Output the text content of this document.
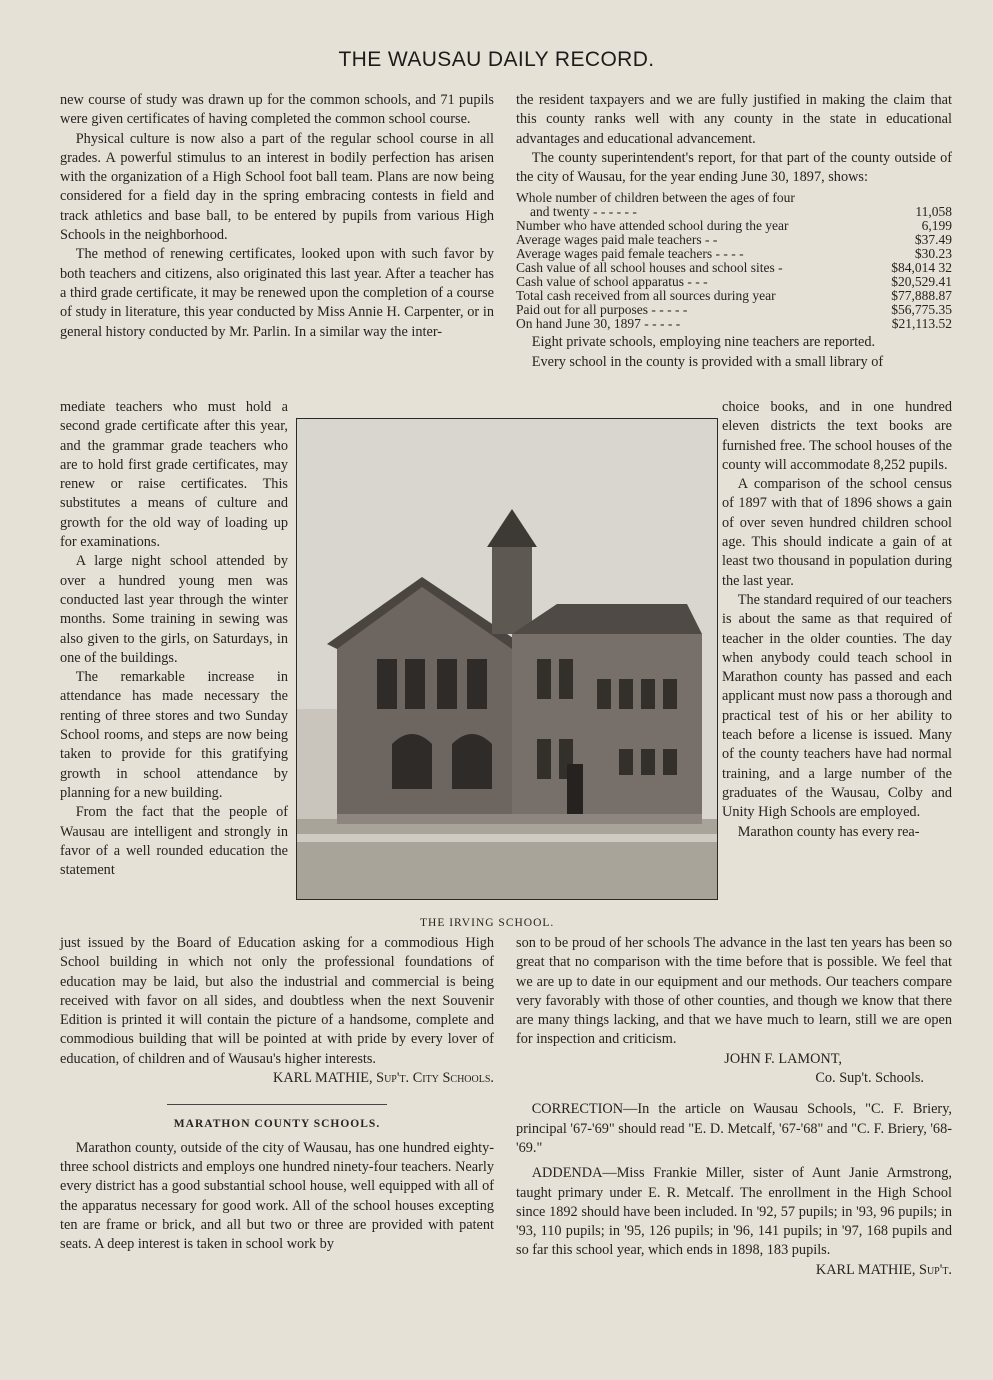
THE WAUSAU DAILY RECORD.

new course of study was drawn up for the common schools, and 71 pupils were given certificates of having completed the common school course.

Physical culture is now also a part of the regular school course in all grades. A powerful stimulus to an interest in bodily perfection has arisen with the organization of a High School foot ball team. Plans are now being considered for a field day in the spring embracing contests in field and track athletics and base ball, to be entered by pupils from various High Schools in the neighborhood.

The method of renewing certificates, looked upon with such favor by both teachers and citizens, also originated this last year. After a teacher has a third grade certificate, it may be renewed upon the completion of a course of study in literature, this year conducted by Miss Annie H. Carpenter, or in general history conducted by Mr. Parlin. In a similar way the inter-

mediate teachers who must hold a second grade certificate after this year, and the grammar grade teachers who are to hold first grade certificates, may renew or raise certificates. This substitutes a means of culture and growth for the old way of loading up for examinations.

A large night school attended by over a hundred young men was conducted last year through the winter months. Some training in sewing was also given to the girls, on Saturdays, in one of the buildings.

The remarkable increase in attendance has made necessary the renting of three stores and two Sunday School rooms, and steps are now being taken to provide for this gratifying growth in school attendance by planning for a new building.

From the fact that the people of Wausau are intelligent and strongly in favor of a well rounded education the statement

just issued by the Board of Education asking for a commodious High School building in which not only the professional foundations of education may be laid, but also the industrial and commercial is being received with favor on all sides, and doubtless when the next Souvenir Edition is printed it will contain the picture of a handsome, complete and commodious building that will be pointed at with pride by every lover of education, of children and of Wausau's higher interests.

KARL MATHIE, Sup't. City Schools.
MARATHON COUNTY SCHOOLS.

Marathon county, outside of the city of Wausau, has one hundred eighty-three school districts and employs one hundred ninety-four teachers. Nearly every district has a good substantial school house, well equipped with all of the apparatus necessary for good work. All of the school houses excepting ten are frame or brick, and all but two or three are provided with patent seats. A deep interest is taken in school work by

the resident taxpayers and we are fully justified in making the claim that this county ranks well with any county in the state in educational advantages and educational advancement.

The county superintendent's report, for that part of the county outside of the city of Wausau, for the year ending June 30, 1897, shows:

Whole number of children between the ages of four
and twenty - - - - - -	11,058
Number who have attended school during the year	6,199
Average wages paid male teachers - -	$37.49
Average wages paid female teachers - - - -	$30.23
Cash value of all school houses and school sites -	$84,014 32
Cash value of school apparatus - - -	$20,529.41
Total cash received from all sources during year	$77,888.87
Paid out for all purposes - - - - -	$56,775.35
On hand June 30, 1897 - - - - -	$21,113.52

Eight private schools, employing nine teachers are reported.

Every school in the county is provided with a small library of

choice books, and in one hundred eleven districts the text books are furnished free. The school houses of the county will accommodate 8,252 pupils.

A comparison of the school census of 1897 with that of 1896 shows a gain of over seven hundred children school age. This should indicate a gain of at least two thousand in population during the last year.

The standard required of our teachers is about the same as that required of teacher in the older counties. The day when anybody could teach school in Marathon county has passed and each applicant must now pass a thorough and practical test of his or her ability to teach before a license is issued. Many of the county teachers have had normal training, and a large number of the graduates of the Wausau, Colby and Unity High Schools are employed.

Marathon county has every rea-

son to be proud of her schools The advance in the last ten years has been so great that no comparison with the time before that is possible. We feel that we are up to date in our equipment and our methods. Our teachers compare very favorably with those of other counties, and though we know that there are many things lacking, and that we have much to learn, still we are open for inspection and criticism.

JOHN F. LAMONT,
Co. Sup't. Schools.

CORRECTION—In the article on Wausau Schools, "C. F. Briery, principal '67-'69" should read "E. D. Metcalf, '67-'68" and "C. F. Briery, '68-'69."

ADDENDA—Miss Frankie Miller, sister of Aunt Janie Armstrong, taught primary under E. R. Metcalf. The enrollment in the High School since 1892 should have been included. In '92, 57 pupils; in '93, 96 pupils; in '93, 110 pupils; in '95, 126 pupils; in '96, 141 pupils; in '97, 168 pupils and so far this school year, which ends in 1898, 183 pupils.

KARL MATHIE, Sup't.
THE IRVING SCHOOL.
